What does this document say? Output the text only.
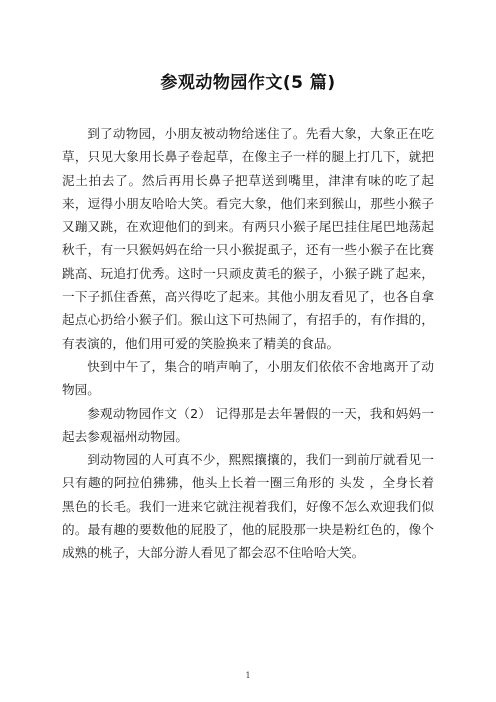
参观动物园作文(5 篇)

到了动物园，小朋友被动物给迷住了。先看大象，大象正在吃草，只见大象用长鼻子卷起草，在像主子一样的腿上打几下，就把泥土拍去了。然后再用长鼻子把草送到嘴里，津津有味的吃了起来，逗得小朋友哈哈大笑。看完大象，他们来到猴山，那些小猴子又蹦又跳，在欢迎他们的到来。有两只小猴子尾巴挂住尾巴地荡起秋千，有一只猴妈妈在给一只小猴捉虱子，还有一些小猴子在比赛跳高、玩追打优秀。这时一只顽皮黄毛的猴子，小猴子跳了起来，一下子抓住香蕉，高兴得吃了起来。其他小朋友看见了，也各自拿起点心扔给小猴子们。猴山这下可热闹了，有招手的，有作揖的，有表演的，他们用可爱的笑脸换来了精美的食品。

快到中午了，集合的哨声响了，小朋友们依依不舍地离开了动物园。

参观动物园作文（2） 记得那是去年暑假的一天，我和妈妈一起去参观福州动物园。

到动物园的人可真不少，熙熙攘攘的，我们一到前厅就看见一只有趣的阿拉伯狒狒，他头上长着一圈三角形的 头发 ，全身长着黑色的长毛。我们一进来它就注视着我们，好像不怎么欢迎我们似的。最有趣的要数他的屁股了，他的屁股那一块是粉红色的，像个成熟的桃子，大部分游人看见了都会忍不住哈哈大笑。

1
